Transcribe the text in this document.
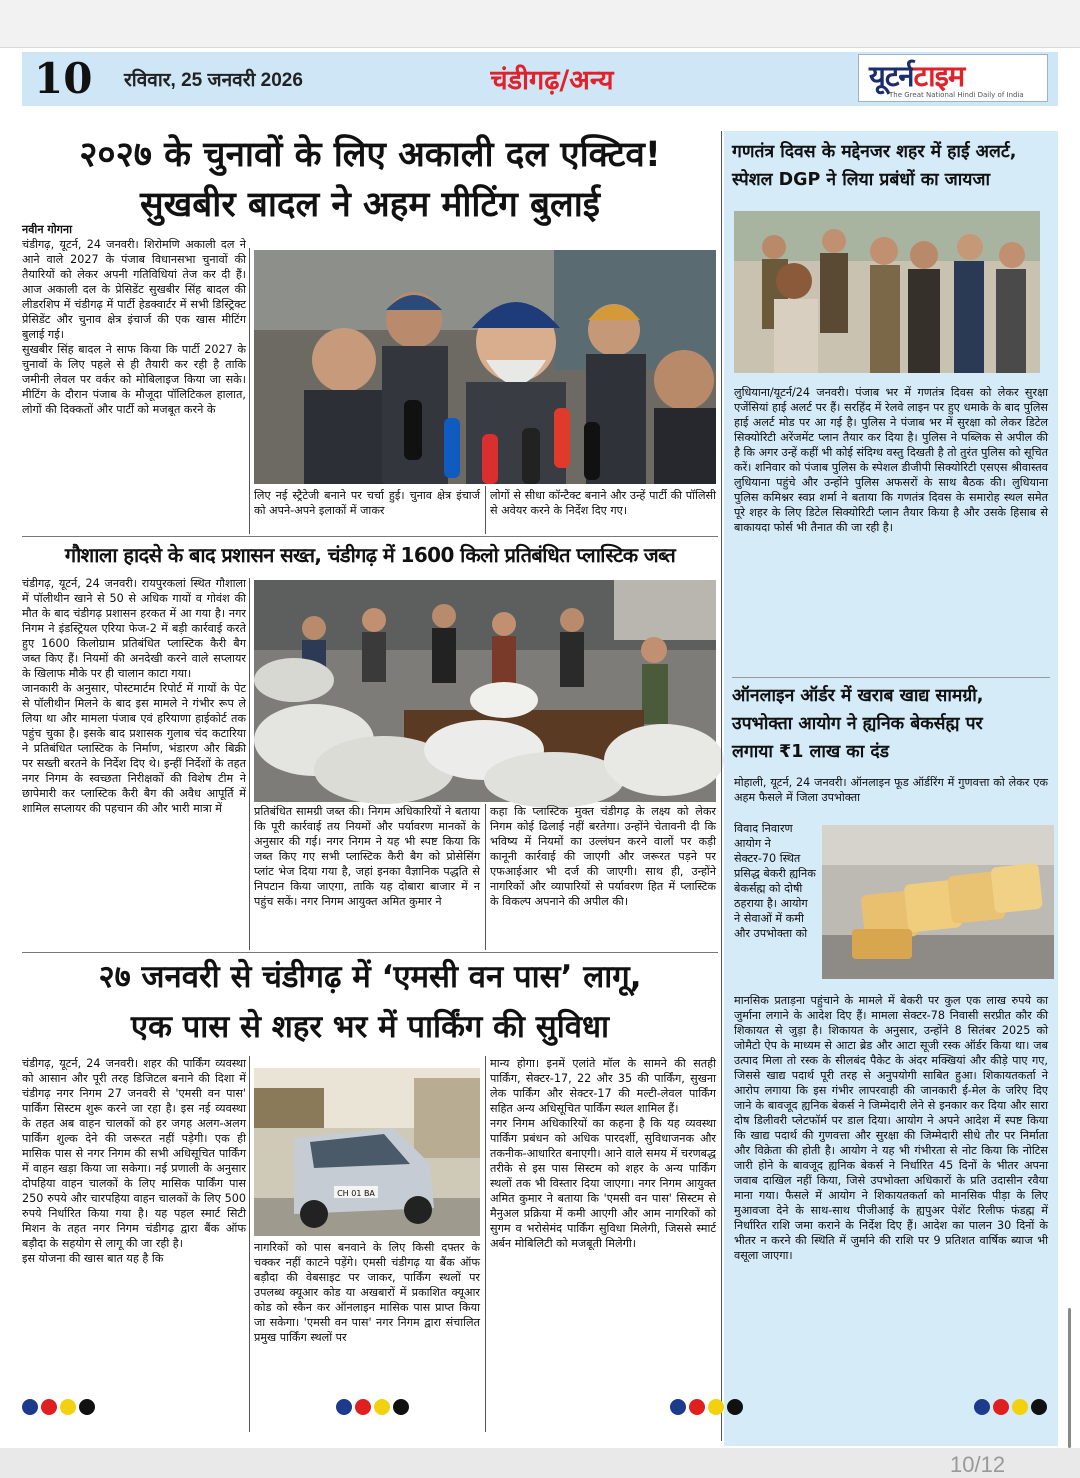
10 रविवार, 25 जनवरी 2026	चंडीगढ़/अन्य	यूटर्नटाइम
The Great National Hindi Daily of India
२०२७ के चुनावों के लिए अकाली दल एक्टिव!
सुखबीर बादल ने अहम मीटिंग बुलाई
नवीन गोगना
चंडीगढ़, यूटर्न, 24 जनवरी। शिरोमणि अकाली दल ने आने वाले 2027 के पंजाब विधानसभा चुनावों की तैयारियों को लेकर अपनी गतिविधियां तेज कर दी हैं। आज अकाली दल के प्रेसिडेंट सुखबीर सिंह बादल की लीडरशिप में चंडीगढ़ में पार्टी हेडक्वार्टर में सभी डिस्ट्रिक्ट प्रेसिडेंट और चुनाव क्षेत्र इंचार्ज की एक खास मीटिंग बुलाई गई।
सुखबीर सिंह बादल ने साफ किया कि पार्टी 2027 के चुनावों के लिए पहले से ही तैयारी कर रही है ताकि जमीनी लेवल पर वर्कर को मोबिलाइज किया जा सके। मीटिंग के दौरान पंजाब के मौजूदा पॉलिटिकल हालात, लोगों की दिक्कतों और पार्टी को मजबूत करने के
लिए नई स्ट्रैटेजी बनाने पर चर्चा हुई। चुनाव क्षेत्र इंचार्ज को अपने-अपने इलाकों में जाकर
लोगों से सीधा कॉन्टैक्ट बनाने और उन्हें पार्टी की पॉलिसी से अवेयर करने के निर्देश दिए गए।
गौशाला हादसे के बाद प्रशासन सख्त, चंडीगढ़ में 1600 किलो प्रतिबंधित प्लास्टिक जब्त
चंडीगढ़, यूटर्न, 24 जनवरी। रायपुरकलां स्थित गौशाला में पॉलीथीन खाने से 50 से अधिक गायों व गोवंश की मौत के बाद चंडीगढ़ प्रशासन हरकत में आ गया है। नगर निगम ने इंडस्ट्रियल एरिया फेज-2 में बड़ी कार्रवाई करते हुए 1600 किलोग्राम प्रतिबंधित प्लास्टिक कैरी बैग जब्त किए हैं। नियमों की अनदेखी करने वाले सप्लायर के खिलाफ मौके पर ही चालान काटा गया।
जानकारी के अनुसार, पोस्टमार्टम रिपोर्ट में गायों के पेट से पॉलीथीन मिलने के बाद इस मामले ने गंभीर रूप ले लिया था और मामला पंजाब एवं हरियाणा हाईकोर्ट तक पहुंच चुका है। इसके बाद प्रशासक गुलाब चंद कटारिया ने प्रतिबंधित प्लास्टिक के निर्माण, भंडारण और बिक्री पर सख्ती बरतने के निर्देश दिए थे। इन्हीं निर्देशों के तहत नगर निगम के स्वच्छता निरीक्षकों की विशेष टीम ने छापेमारी कर प्लास्टिक कैरी बैग की अवैध आपूर्ति में शामिल सप्लायर की पहचान की और भारी मात्रा में	प्रतिबंधित सामग्री जब्त की। निगम अधिकारियों ने बताया कि पूरी कार्रवाई तय नियमों और पर्यावरण मानकों के अनुसार की गई। नगर निगम ने यह भी स्पष्ट किया कि जब्त किए गए सभी प्लास्टिक कैरी बैग को प्रोसेसिंग प्लांट भेज दिया गया है, जहां इनका वैज्ञानिक पद्धति से निपटान किया जाएगा, ताकि यह दोबारा बाजार में न पहुंच सकें। नगर निगम आयुक्त अमित कुमार ने
कहा कि प्लास्टिक मुक्त चंडीगढ़ के लक्ष्य को लेकर निगम कोई ढिलाई नहीं बरतेगा। उन्होंने चेतावनी दी कि भविष्य में नियमों का उल्लंघन करने वालों पर कड़ी कानूनी कार्रवाई की जाएगी और जरूरत पड़ने पर एफआईआर भी दर्ज की जाएगी। साथ ही, उन्होंने नागरिकों और व्यापारियों से पर्यावरण हित में प्लास्टिक के विकल्प अपनाने की अपील की।
२७ जनवरी से चंडीगढ़ में ‘एमसी वन पास’ लागू,
एक पास से शहर भर में पार्किंग की सुविधा
चंडीगढ़, यूटर्न, 24 जनवरी। शहर की पार्किंग व्यवस्था को आसान और पूरी तरह डिजिटल बनाने की दिशा में चंडीगढ़ नगर निगम 27 जनवरी से 'एमसी वन पास' पार्किंग सिस्टम शुरू करने जा रहा है। इस नई व्यवस्था के तहत अब वाहन चालकों को हर जगह अलग-अलग पार्किंग शुल्क देने की जरूरत नहीं पड़ेगी। एक ही मासिक पास से नगर निगम की सभी अधिसूचित पार्किंग में वाहन खड़ा किया जा सकेगा। नई प्रणाली के अनुसार दोपहिया वाहन चालकों के लिए मासिक पार्किंग पास 250 रुपये और चारपहिया वाहन चालकों के लिए 500 रुपये निर्धारित किया गया है। यह पहल स्मार्ट सिटी मिशन के तहत नगर निगम चंडीगढ़ द्वारा बैंक ऑफ बड़ौदा के सहयोग से लागू की जा रही है।
इस योजना की खास बात यह है कि
CH 01 BA
नागरिकों को पास बनवाने के लिए किसी दफ्तर के चक्कर नहीं काटने पड़ेंगे। एमसी चंडीगढ़ या बैंक ऑफ बड़ौदा की वेबसाइट पर जाकर, पार्किंग स्थलों पर उपलब्ध क्यूआर कोड या अखबारों में प्रकाशित क्यूआर कोड को स्कैन कर ऑनलाइन मासिक पास प्राप्त किया जा सकेगा। 'एमसी वन पास' नगर निगम द्वारा संचालित प्रमुख पार्किंग स्थलों पर
मान्य होगा। इनमें एलांते मॉल के सामने की सतही पार्किंग, सेक्टर-17, 22 और 35 की पार्किंग, सुखना लेक पार्किंग और सेक्टर-17 की मल्टी-लेवल पार्किंग सहित अन्य अधिसूचित पार्किंग स्थल शामिल हैं।
नगर निगम अधिकारियों का कहना है कि यह व्यवस्था पार्किंग प्रबंधन को अधिक पारदर्शी, सुविधाजनक और तकनीक-आधारित बनाएगी। आने वाले समय में चरणबद्ध तरीके से इस पास सिस्टम को शहर के अन्य पार्किंग स्थलों तक भी विस्तार दिया जाएगा। नगर निगम आयुक्त अमित कुमार ने बताया कि 'एमसी वन पास' सिस्टम से मैनुअल प्रक्रिया में कमी आएगी और आम नागरिकों को सुगम व भरोसेमंद पार्किंग सुविधा मिलेगी, जिससे स्मार्ट अर्बन मोबिलिटी को मजबूती मिलेगी।
गणतंत्र दिवस के मद्देनजर शहर में हाई अलर्ट,
स्पेशल DGP ने लिया प्रबंधों का जायजा
लुधियाना/यूटर्न/24 जनवरी। पंजाब भर में गणतंत्र दिवस को लेकर सुरक्षा एजेंसियां हाई अलर्ट पर हैं। सरहिंद में रेलवे लाइन पर हुए धमाके के बाद पुलिस हाई अलर्ट मोड पर आ गई है। पुलिस ने पंजाब भर में सुरक्षा को लेकर डिटेल सिक्योरिटी अरेंजमेंट प्लान तैयार कर दिया है। पुलिस ने पब्लिक से अपील की है कि अगर उन्हें कहीं भी कोई संदिग्ध वस्तु दिखती है तो तुरंत पुलिस को सूचित करें। शनिवार को पंजाब पुलिस के स्पेशल डीजीपी सिक्योरिटी एसएस श्रीवास्तव लुधियाना पहुंचे और उन्होंने पुलिस अफसरों के साथ बैठक की। लुधियाना पुलिस कमिश्नर स्वप्न शर्मा ने बताया कि गणतंत्र दिवस के समारोह स्थल समेत पूरे शहर के लिए डिटेल सिक्योरिटी प्लान तैयार किया है और उसके हिसाब से बाकायदा फोर्स भी तैनात की जा रही है।
ऑनलाइन ऑर्डर में खराब खाद्य सामग्री,
उपभोक्ता आयोग ने ह्यनिक बेकर्सह्म पर
लगाया ₹1 लाख का दंड
मोहाली, यूटर्न, 24 जनवरी। ऑनलाइन फूड ऑर्डरिंग में गुणवत्ता को लेकर एक अहम फैसले में जिला उपभोक्ता
विवाद निवारण आयोग ने सेक्टर-70 स्थित प्रसिद्ध बेकरी ह्यनिक बेकर्सह्म को दोषी ठहराया है। आयोग ने सेवाओं में कमी और उपभोक्ता को
मानसिक प्रताड़ना पहुंचाने के मामले में बेकरी पर कुल एक लाख रुपये का जुर्माना लगाने के आदेश दिए हैं। मामला सेक्टर-78 निवासी सरप्रीत कौर की शिकायत से जुड़ा है। शिकायत के अनुसार, उन्होंने 8 सितंबर 2025 को जोमैटो ऐप के माध्यम से आटा ब्रेड और आटा सूजी रस्क ऑर्डर किया था। जब उत्पाद मिला तो रस्क के सीलबंद पैकेट के अंदर मक्खियां और कीड़े पाए गए, जिससे खाद्य पदार्थ पूरी तरह से अनुपयोगी साबित हुआ। शिकायतकर्ता ने आरोप लगाया कि इस गंभीर लापरवाही की जानकारी ई-मेल के जरिए दिए जाने के बावजूद ह्यनिक बेकर्स ने जिम्मेदारी लेने से इनकार कर दिया और सारा दोष डिलीवरी प्लेटफॉर्म पर डाल दिया। आयोग ने अपने आदेश में स्पष्ट किया कि खाद्य पदार्थ की गुणवत्ता और सुरक्षा की जिम्मेदारी सीधे तौर पर निर्माता और विक्रेता की होती है। आयोग ने यह भी गंभीरता से नोट किया कि नोटिस जारी होने के बावजूद ह्यनिक बेकर्स ने निर्धारित 45 दिनों के भीतर अपना जवाब दाखिल नहीं किया, जिसे उपभोक्ता अधिकारों के प्रति उदासीन रवैया माना गया। फैसले में आयोग ने शिकायतकर्ता को मानसिक पीड़ा के लिए मुआवजा देने के साथ-साथ पीजीआई के ह्यपुअर पेशेंट रिलीफ फंडह्म में निर्धारित राशि जमा कराने के निर्देश दिए हैं। आदेश का पालन 30 दिनों के भीतर न करने की स्थिति में जुर्माने की राशि पर 9 प्रतिशत वार्षिक ब्याज भी वसूला जाएगा।
10/12
